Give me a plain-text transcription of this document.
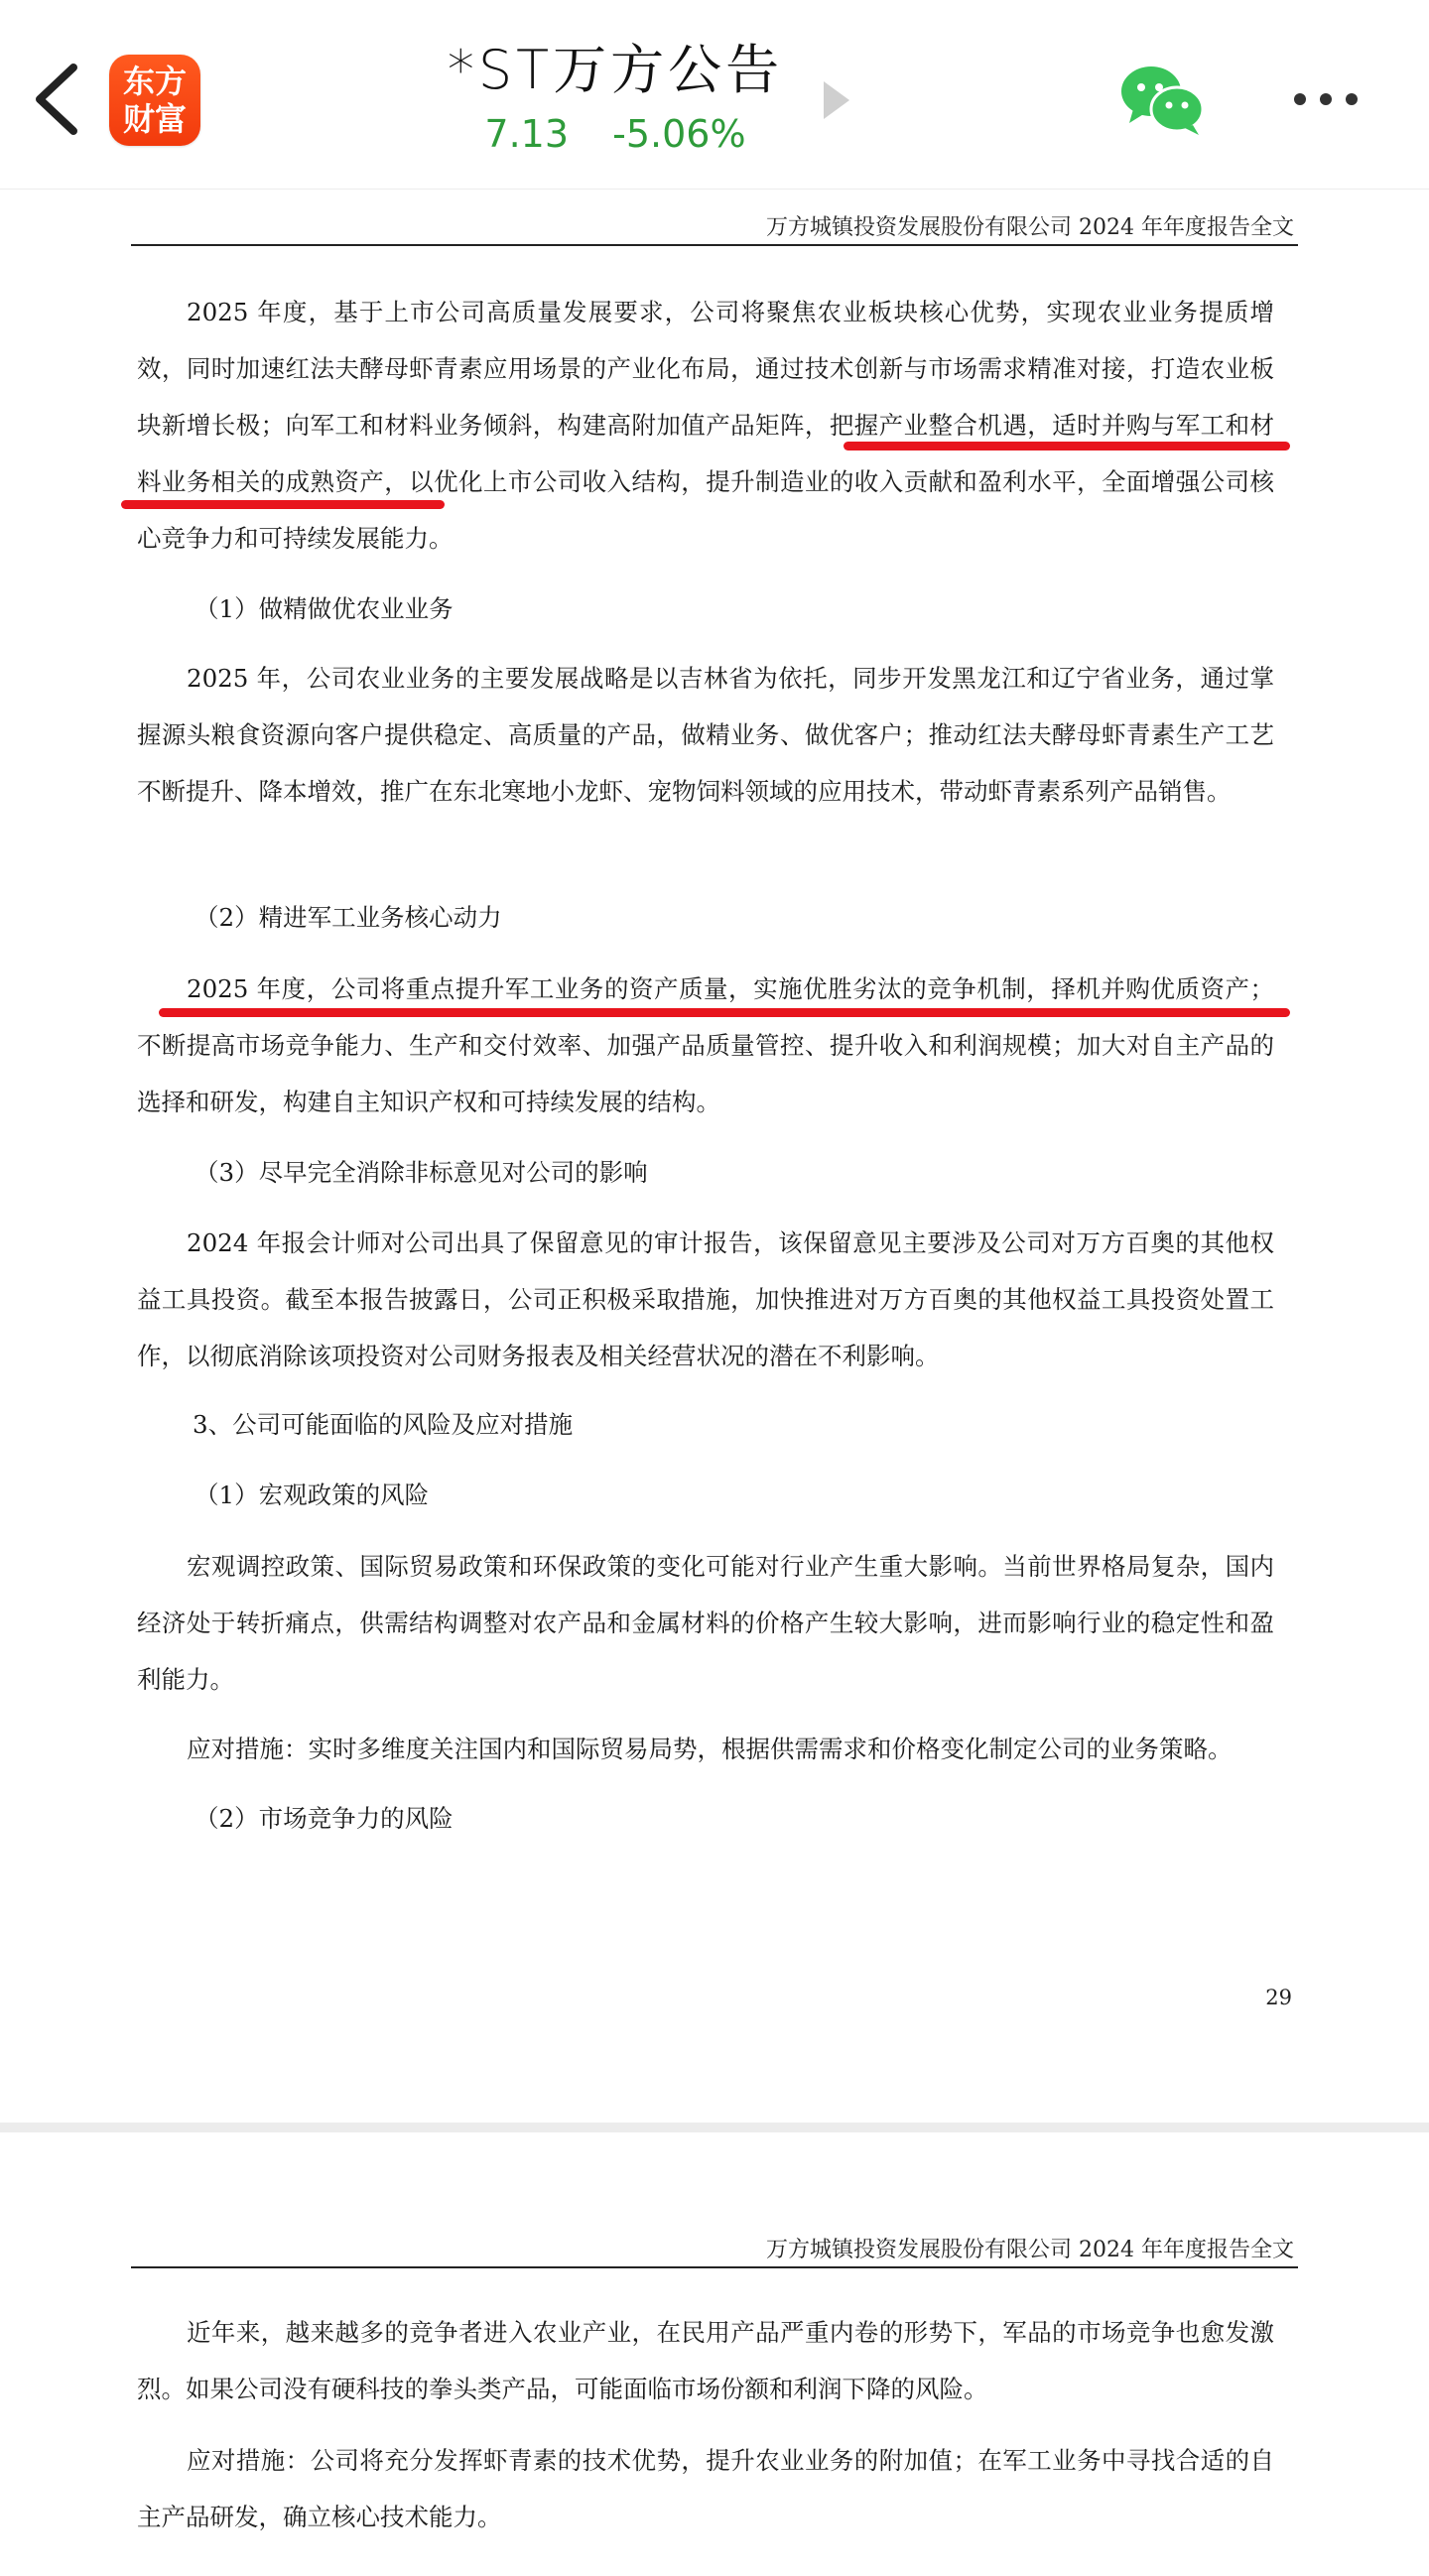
东方
财富
*ST万方公告
7.13 -5.06%
万方城镇投资发展股份有限公司 2024 年年度报告全文
2025 年度，基于上市公司高质量发展要求，公司将聚焦农业板块核心优势，实现农业业务提质增效，同时加速红法夫酵母虾青素应用场景的产业化布局，通过技术创新与市场需求精准对接，打造农业板块新增长极；向军工和材料业务倾斜，构建高附加值产品矩阵，把握产业整合机遇，适时并购与军工和材料业务相关的成熟资产，以优化上市公司收入结构，提升制造业的收入贡献和盈利水平，全面增强公司核心竞争力和可持续发展能力。
（1）做精做优农业业务
2025 年，公司农业业务的主要发展战略是以吉林省为依托，同步开发黑龙江和辽宁省业务，通过掌握源头粮食资源向客户提供稳定、高质量的产品，做精业务、做优客户；推动红法夫酵母虾青素生产工艺不断提升、降本增效，推广在东北寒地小龙虾、宠物饲料领域的应用技术，带动虾青素系列产品销售。
（2）精进军工业务核心动力
2025 年度，公司将重点提升军工业务的资产质量，实施优胜劣汰的竞争机制，择机并购优质资产；不断提高市场竞争能力、生产和交付效率、加强产品质量管控、提升收入和利润规模；加大对自主产品的选择和研发，构建自主知识产权和可持续发展的结构。
（3）尽早完全消除非标意见对公司的影响
2024 年报会计师对公司出具了保留意见的审计报告，该保留意见主要涉及公司对万方百奥的其他权益工具投资。截至本报告披露日，公司正积极采取措施，加快推进对万方百奥的其他权益工具投资处置工作，以彻底消除该项投资对公司财务报表及相关经营状况的潜在不利影响。
3、公司可能面临的风险及应对措施
（1）宏观政策的风险
宏观调控政策、国际贸易政策和环保政策的变化可能对行业产生重大影响。当前世界格局复杂，国内经济处于转折痛点，供需结构调整对农产品和金属材料的价格产生较大影响，进而影响行业的稳定性和盈利能力。
应对措施：实时多维度关注国内和国际贸易局势，根据供需需求和价格变化制定公司的业务策略。
（2）市场竞争力的风险
29
万方城镇投资发展股份有限公司 2024 年年度报告全文
近年来，越来越多的竞争者进入农业产业，在民用产品严重内卷的形势下，军品的市场竞争也愈发激烈。如果公司没有硬科技的拳头类产品，可能面临市场份额和利润下降的风险。
应对措施：公司将充分发挥虾青素的技术优势，提升农业业务的附加值；在军工业务中寻找合适的自主产品研发，确立核心技术能力。
